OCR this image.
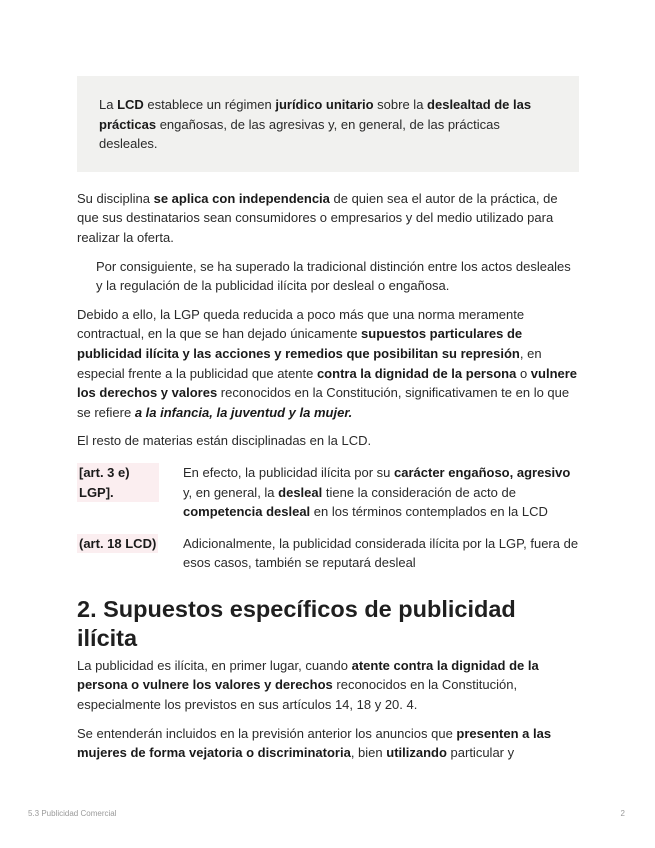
La LCD establece un régimen jurídico unitario sobre la deslealtad de las prácticas engañosas, de las agresivas y, en general, de las prácticas desleales.

Su disciplina se aplica con independencia de quien sea el autor de la práctica, de que sus destinatarios sean consumidores o empresarios y del medio utilizado para realizar la oferta.

Por consiguiente, se ha superado la tradicional distinción entre los actos desleales y la regulación de la publicidad ilícita por desleal o engañosa.

Debido a ello, la LGP queda reducida a poco más que una norma meramente contractual, en la que se han dejado únicamente supuestos particulares de publicidad ilícita y las acciones y remedios que posibilitan su represión, en especial frente a la publicidad que atente contra la dignidad de la persona o vulnere los derechos y valores reconocidos en la Constitución, significativamen te en lo que se refiere a la infancia, la juventud y la mujer.

El resto de materias están disciplinadas en la LCD.

[art. 3 e) LGP].

En efecto, la publicidad ilícita por su carácter engañoso, agresivo y, en general, la desleal tiene la consideración de acto de competencia desleal en los términos contemplados en la LCD

(art. 18 LCD)	Adicionalmente, la publicidad considerada ilícita por la LGP, fuera de esos casos, también se reputará desleal

2. Supuestos específicos de publicidad ilícita

La publicidad es ilícita, en primer lugar, cuando atente contra la dignidad de la persona o vulnere los valores y derechos reconocidos en la Constitución, especialmente los previstos en sus artículos 14, 18 y 20. 4.

Se entenderán incluidos en la previsión anterior los anuncios que presenten a las mujeres de forma vejatoria o discriminatoria, bien utilizando particular y

5.3 Publicidad Comercial	2
